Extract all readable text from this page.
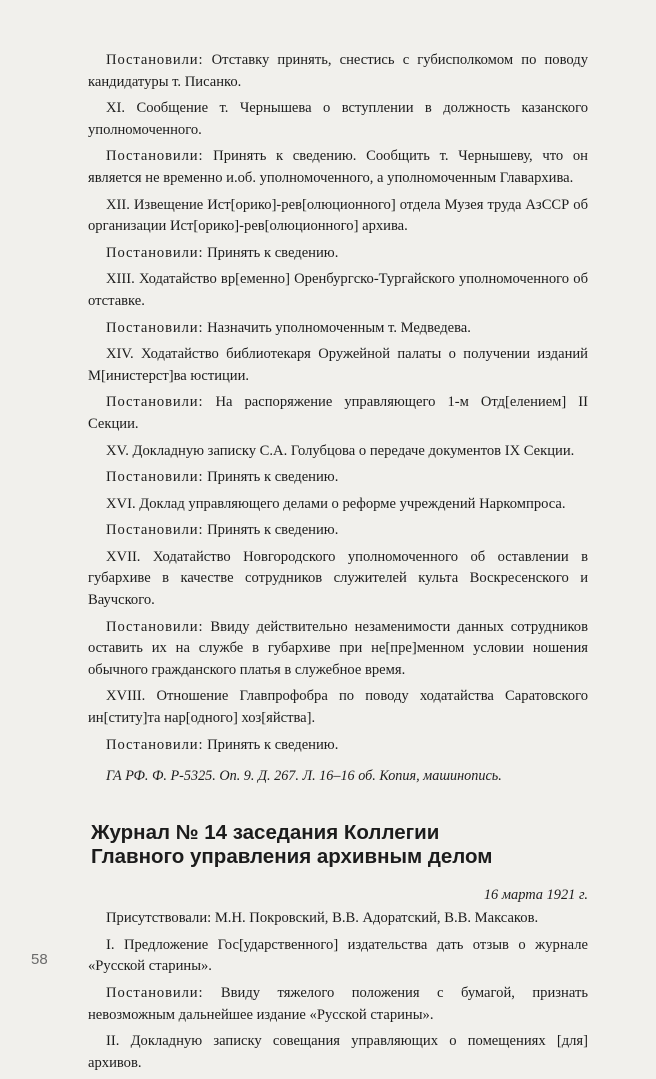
Постановили: Отставку принять, снестись с губисполкомом по поводу кандидатуры т. Писанко.

XI. Сообщение т. Чернышева о вступлении в должность казанского уполномоченного.

Постановили: Принять к сведению. Сообщить т. Чернышеву, что он является не временно и.об. уполномоченного, а уполномоченным Главархива.

XII. Извещение Ист[орико]-рев[олюционного] отдела Музея труда АзССР об организации Ист[орико]-рев[олюционного] архива.

Постановили: Принять к сведению.

XIII. Ходатайство вр[еменно] Оренбургско-Тургайского уполномоченного об отставке.

Постановили: Назначить уполномоченным т. Медведева.

XIV. Ходатайство библиотекаря Оружейной палаты о получении изданий М[инистерст]ва юстиции.

Постановили: На распоряжение управляющего 1-м Отд[елением] II Секции.

XV. Докладную записку С.А. Голубцова о передаче документов IX Секции.

Постановили: Принять к сведению.

XVI. Доклад управляющего делами о реформе учреждений Наркомпроса.

Постановили: Принять к сведению.

XVII. Ходатайство Новгородского уполномоченного об оставлении в губархиве в качестве сотрудников служителей культа Воскресенского и Ваучского.

Постановили: Ввиду действительно незаменимости данных сотрудников оставить их на службе в губархиве при не[пре]менном условии ношения обычного гражданского платья в служебное время.

XVIII. Отношение Главпрофобра по поводу ходатайства Саратовского ин[ститу]та нар[одного] хоз[яйства].

Постановили: Принять к сведению.

ГА РФ. Ф. Р-5325. Оп. 9. Д. 267. Л. 16–16 об. Копия, машинопись.

Журнал № 14 заседания Коллегии
Главного управления архивным делом

16 марта 1921 г.

Присутствовали: М.Н. Покровский, В.В. Адоратский, В.В. Максаков.

I. Предложение Гос[ударственного] издательства дать отзыв о журнале «Русской старины».

Постановили: Ввиду тяжелого положения с бумагой, признать невозможным дальнейшее издание «Русской старины».

II. Докладную записку совещания управляющих о помещениях [для] архивов.

58
